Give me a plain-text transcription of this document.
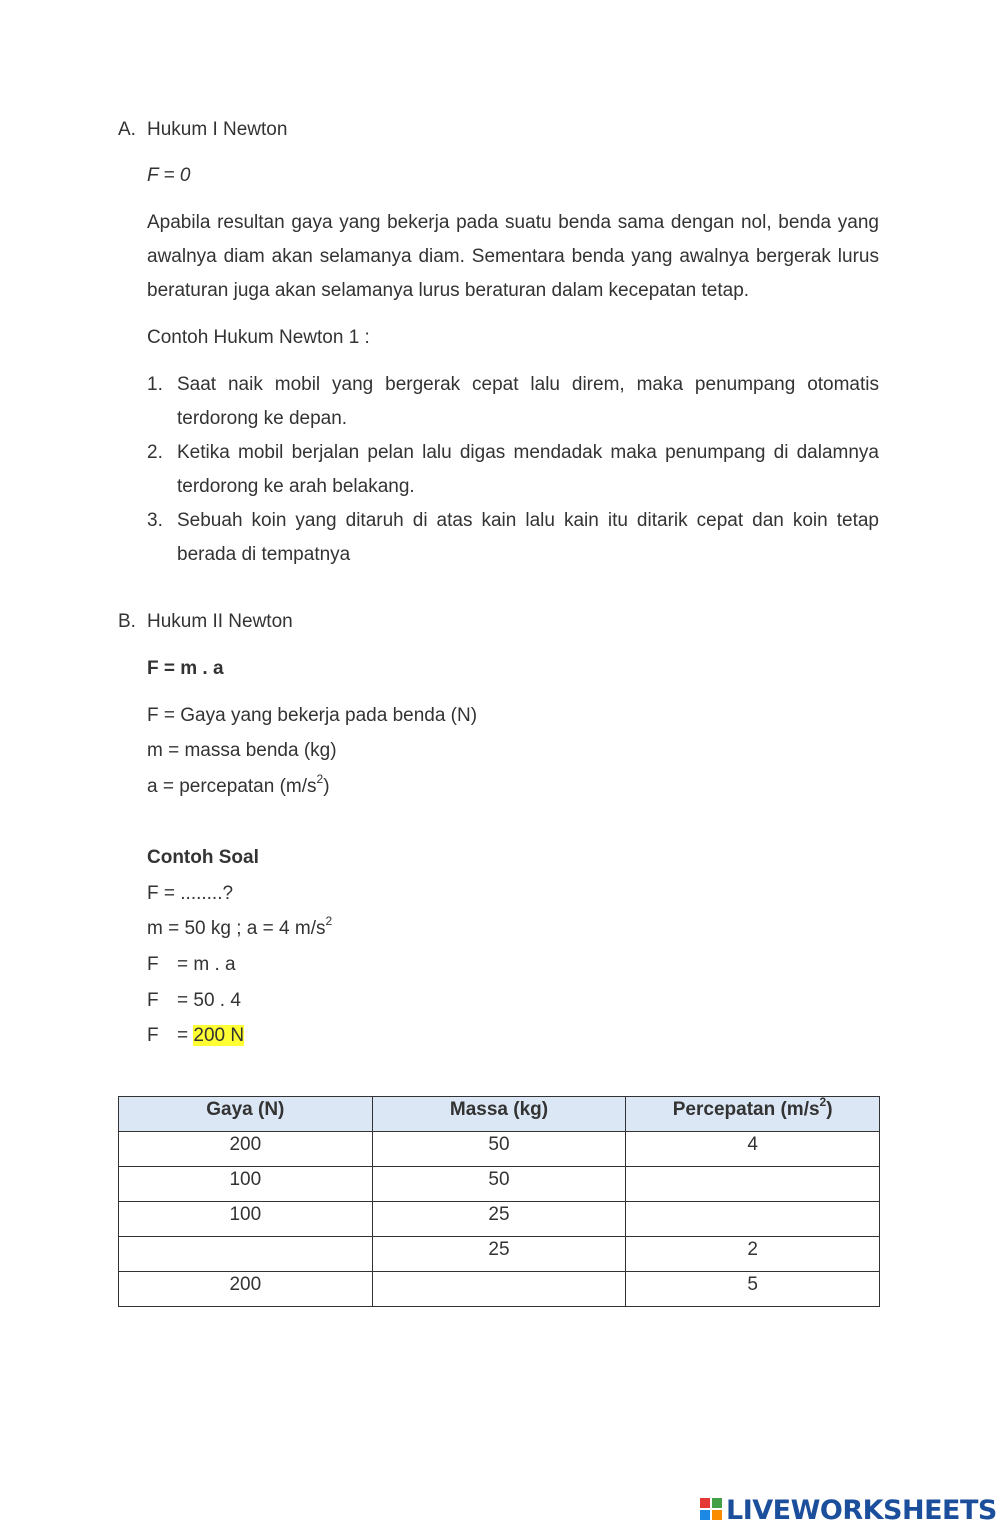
A. Hukum I Newton
F = 0

Apabila resultan gaya yang bekerja pada suatu benda sama dengan nol, benda yang awalnya diam akan selamanya diam. Sementara benda yang awalnya bergerak lurus beraturan juga akan selamanya lurus beraturan dalam kecepatan tetap.

Contoh Hukum Newton 1 :

1. Saat naik mobil yang bergerak cepat lalu direm, maka penumpang otomatis terdorong ke depan.

2. Ketika mobil berjalan pelan lalu digas mendadak maka penumpang di dalamnya terdorong ke arah belakang.

3. Sebuah koin yang ditaruh di atas kain lalu kain itu ditarik cepat dan koin tetap berada di tempatnya

B. Hukum II Newton
F = m . a
F = Gaya yang bekerja pada benda (N)
m = massa benda (kg)
a = percepatan $(m/s^2)$
Contoh Soal
F = ........?
m = 50 kg ; a = 4 $m/s^2$
F = m . a
F = 50 . 4
F = 200 N
Gaya (N)	Massa (kg)	Percepatan $(m/s^2)$
200	50	4
100	50	
100	25	
	25	2
200		5
LIVEWORKSHEETS
